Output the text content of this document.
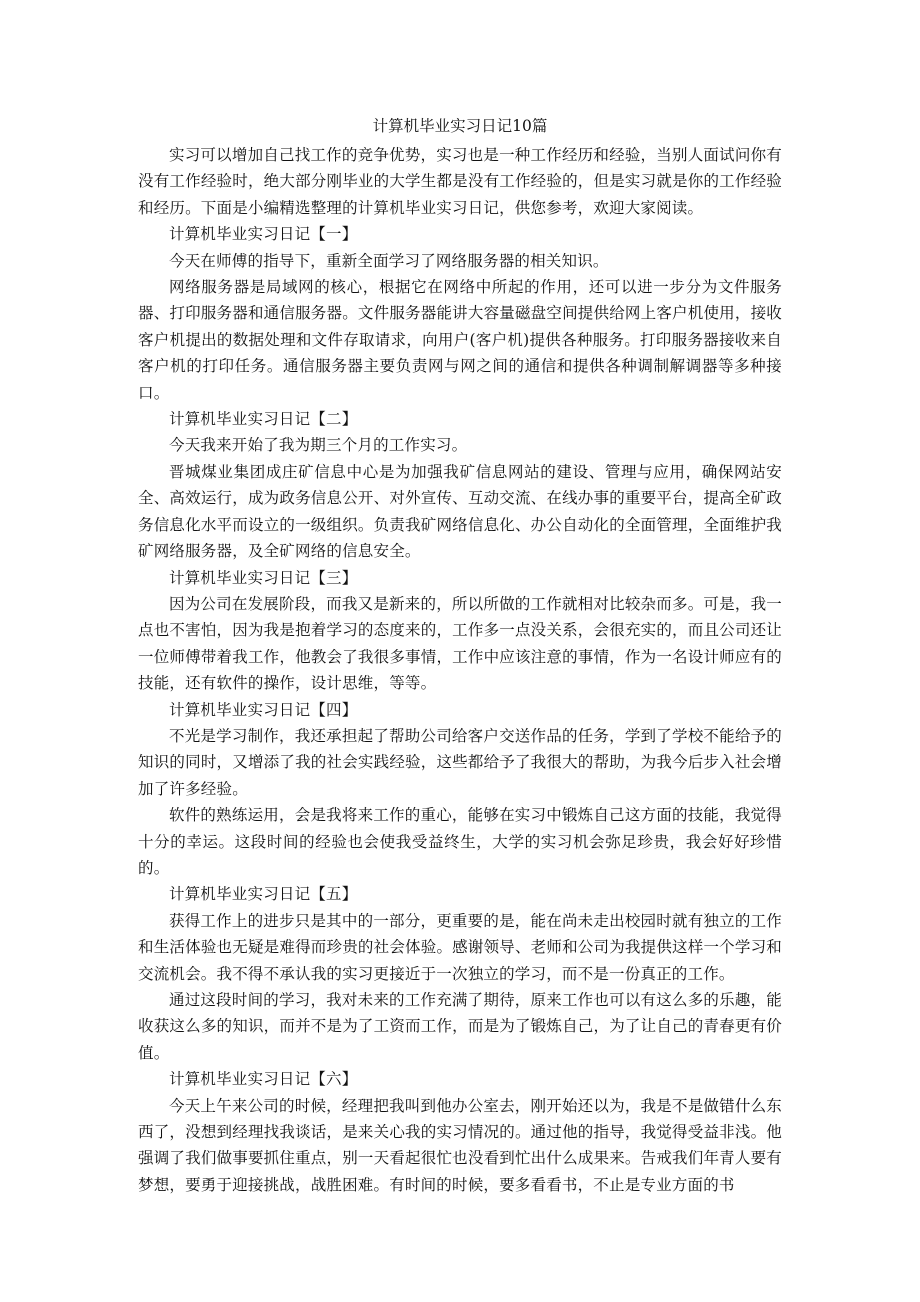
计算机毕业实习日记10篇

实习可以增加自己找工作的竞争优势，实习也是一种工作经历和经验，当别人面试问你有没有工作经验时，绝大部分刚毕业的大学生都是没有工作经验的，但是实习就是你的工作经验和经历。下面是小编精选整理的计算机毕业实习日记，供您参考，欢迎大家阅读。

计算机毕业实习日记【一】

今天在师傅的指导下，重新全面学习了网络服务器的相关知识。

网络服务器是局域网的核心，根据它在网络中所起的作用，还可以进一步分为文件服务器、打印服务器和通信服务器。文件服务器能讲大容量磁盘空间提供给网上客户机使用，接收客户机提出的数据处理和文件存取请求，向用户(客户机)提供各种服务。打印服务器接收来自客户机的打印任务。通信服务器主要负责网与网之间的通信和提供各种调制解调器等多种接口。

计算机毕业实习日记【二】

今天我来开始了我为期三个月的工作实习。

晋城煤业集团成庄矿信息中心是为加强我矿信息网站的建设、管理与应用，确保网站安全、高效运行，成为政务信息公开、对外宣传、互动交流、在线办事的重要平台，提高全矿政务信息化水平而设立的一级组织。负责我矿网络信息化、办公自动化的全面管理，全面维护我矿网络服务器，及全矿网络的信息安全。

计算机毕业实习日记【三】

因为公司在发展阶段，而我又是新来的，所以所做的工作就相对比较杂而多。可是，我一点也不害怕，因为我是抱着学习的态度来的，工作多一点没关系，会很充实的，而且公司还让一位师傅带着我工作，他教会了我很多事情，工作中应该注意的事情，作为一名设计师应有的技能，还有软件的操作，设计思维，等等。

计算机毕业实习日记【四】

不光是学习制作，我还承担起了帮助公司给客户交送作品的任务，学到了学校不能给予的知识的同时，又增添了我的社会实践经验，这些都给予了我很大的帮助，为我今后步入社会增加了许多经验。

软件的熟练运用，会是我将来工作的重心，能够在实习中锻炼自己这方面的技能，我觉得十分的幸运。这段时间的经验也会使我受益终生，大学的实习机会弥足珍贵，我会好好珍惜的。

计算机毕业实习日记【五】

获得工作上的进步只是其中的一部分，更重要的是，能在尚未走出校园时就有独立的工作和生活体验也无疑是难得而珍贵的社会体验。感谢领导、老师和公司为我提供这样一个学习和交流机会。我不得不承认我的实习更接近于一次独立的学习，而不是一份真正的工作。

通过这段时间的学习，我对未来的工作充满了期待，原来工作也可以有这么多的乐趣，能收获这么多的知识，而并不是为了工资而工作，而是为了锻炼自己，为了让自己的青春更有价值。

计算机毕业实习日记【六】

今天上午来公司的时候，经理把我叫到他办公室去，刚开始还以为，我是不是做错什么东西了，没想到经理找我谈话，是来关心我的实习情况的。通过他的指导，我觉得受益非浅。他强调了我们做事要抓住重点，别一天看起很忙也没看到忙出什么成果来。告戒我们年青人要有梦想，要勇于迎接挑战，战胜困难。有时间的时候，要多看看书，不止是专业方面的书
